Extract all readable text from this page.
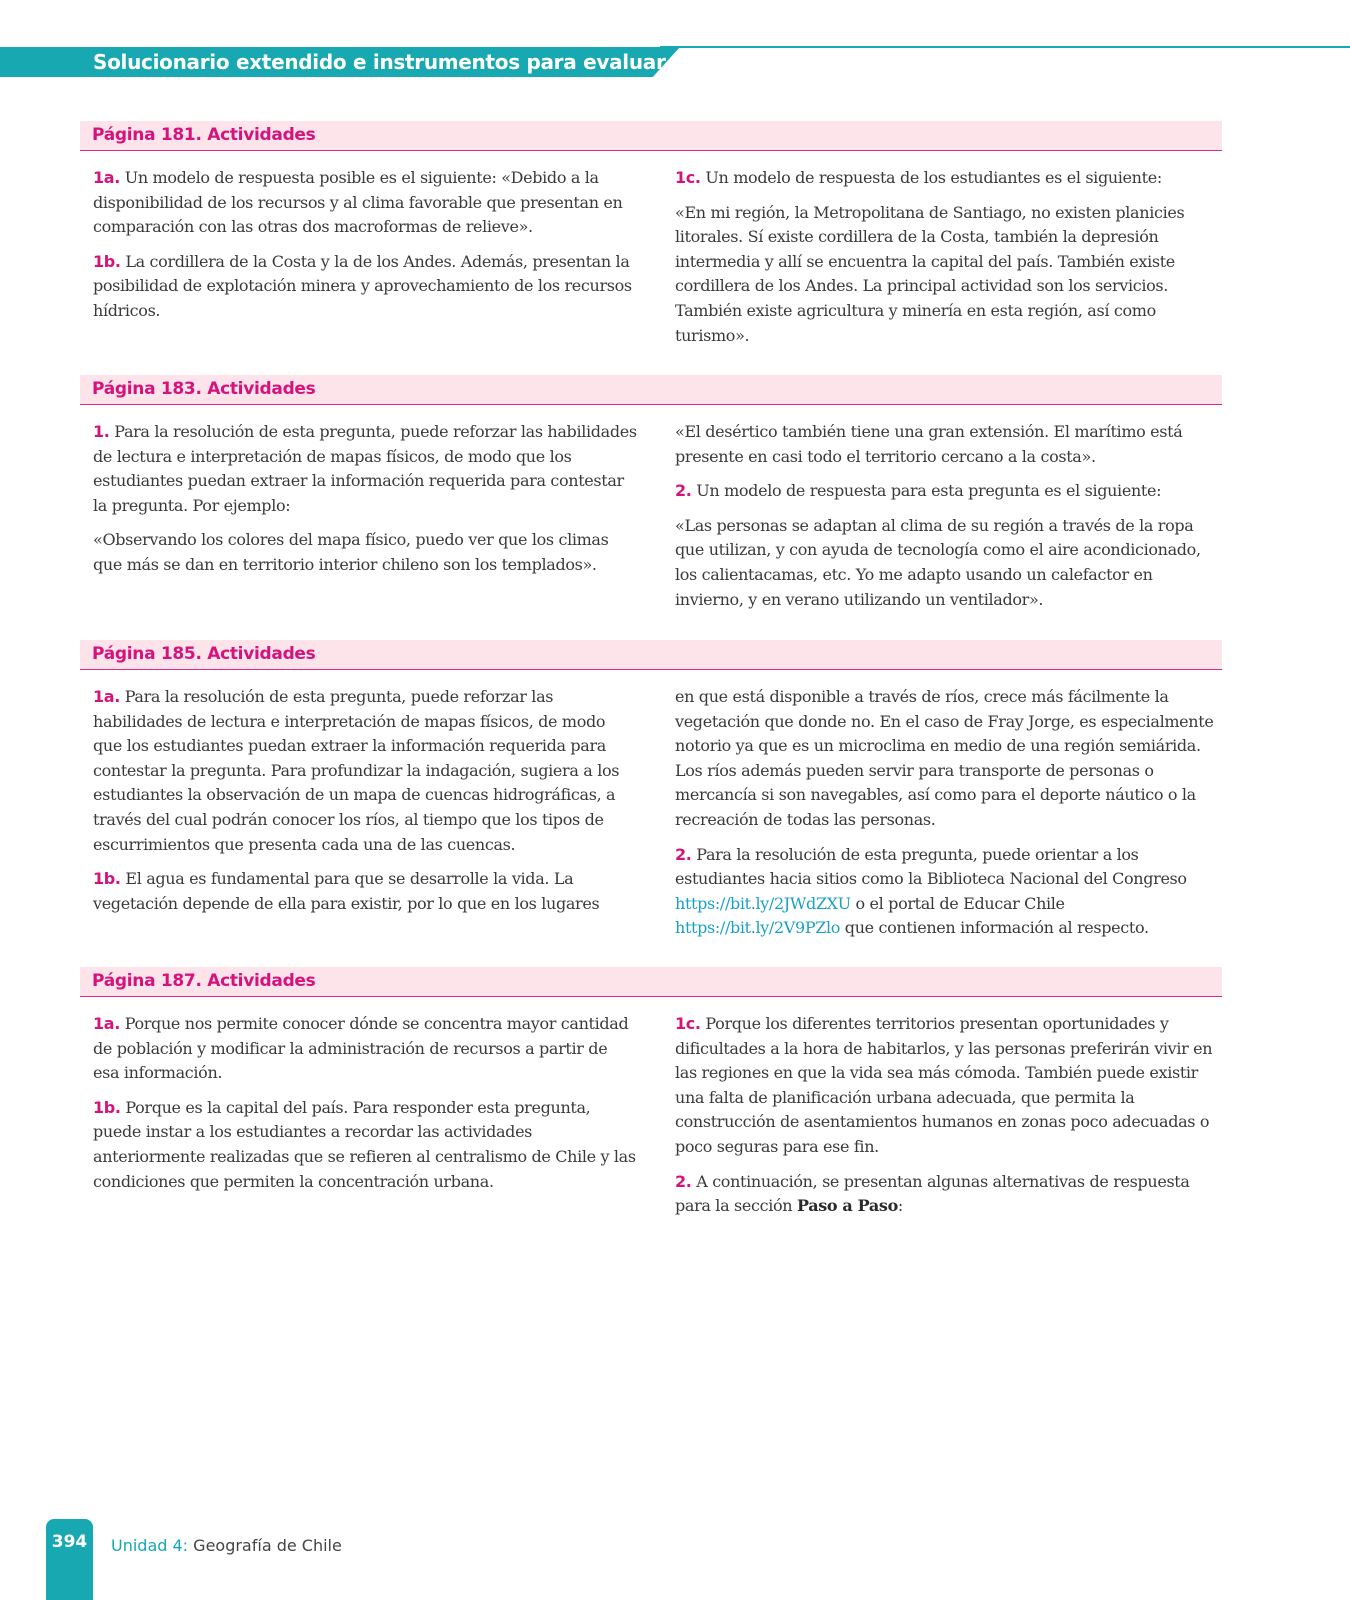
Solucionario extendido e instrumentos para evaluar
Página 181. Actividades

1a. Un modelo de respuesta posible es el siguiente: «Debido a la disponibilidad de los recursos y al clima favorable que presentan en comparación con las otras dos macroformas de relieve».

1b. La cordillera de la Costa y la de los Andes. Además, presentan la posibilidad de explotación minera y aprovechamiento de los recursos hídricos.

1c. Un modelo de respuesta de los estudiantes es el siguiente:

«En mi región, la Metropolitana de Santiago, no existen planicies litorales. Sí existe cordillera de la Costa, también la depresión intermedia y allí se encuentra la capital del país. También existe cordillera de los Andes. La principal actividad son los servicios. También existe agricultura y minería en esta región, así como turismo».

Página 183. Actividades

1. Para la resolución de esta pregunta, puede reforzar las habilidades de lectura e interpretación de mapas físicos, de modo que los estudiantes puedan extraer la información requerida para contestar la pregunta. Por ejemplo:

«Observando los colores del mapa físico, puedo ver que los climas que más se dan en territorio interior chileno son los templados».

«El desértico también tiene una gran extensión. El marítimo está presente en casi todo el territorio cercano a la costa».

2. Un modelo de respuesta para esta pregunta es el siguiente:

«Las personas se adaptan al clima de su región a través de la ropa que utilizan, y con ayuda de tecnología como el aire acondicionado, los calientacamas, etc. Yo me adapto usando un calefactor en invierno, y en verano utilizando un ventilador».

Página 185. Actividades

1a. Para la resolución de esta pregunta, puede reforzar las habilidades de lectura e interpretación de mapas físicos, de modo que los estudiantes puedan extraer la información requerida para contestar la pregunta. Para profundizar la indagación, sugiera a los estudiantes la observación de un mapa de cuencas hidrográficas, a través del cual podrán conocer los ríos, al tiempo que los tipos de escurrimientos que presenta cada una de las cuencas.

1b. El agua es fundamental para que se desarrolle la vida. La vegetación depende de ella para existir, por lo que en los lugares

en que está disponible a través de ríos, crece más fácilmente la vegetación que donde no. En el caso de Fray Jorge, es especialmente notorio ya que es un microclima en medio de una región semiárida. Los ríos además pueden servir para transporte de personas o mercancía si son navegables, así como para el deporte náutico o la recreación de todas las personas.

2. Para la resolución de esta pregunta, puede orientar a los estudiantes hacia sitios como la Biblioteca Nacional del Congreso https://bit.ly/2JWdZXU o el portal de Educar Chile https://bit.ly/2V9PZlo que contienen información al respecto.

Página 187. Actividades

1a. Porque nos permite conocer dónde se concentra mayor cantidad de población y modificar la administración de recursos a partir de esa información.

1b. Porque es la capital del país. Para responder esta pregunta, puede instar a los estudiantes a recordar las actividades anteriormente realizadas que se refieren al centralismo de Chile y las condiciones que permiten la concentración urbana.

1c. Porque los diferentes territorios presentan oportunidades y dificultades a la hora de habitarlos, y las personas preferirán vivir en las regiones en que la vida sea más cómoda. También puede existir una falta de planificación urbana adecuada, que permita la construcción de asentamientos humanos en zonas poco adecuadas o poco seguras para ese fin.

2. A continuación, se presentan algunas alternativas de respuesta para la sección Paso a Paso:

394	Unidad 4: Geografía de Chile
